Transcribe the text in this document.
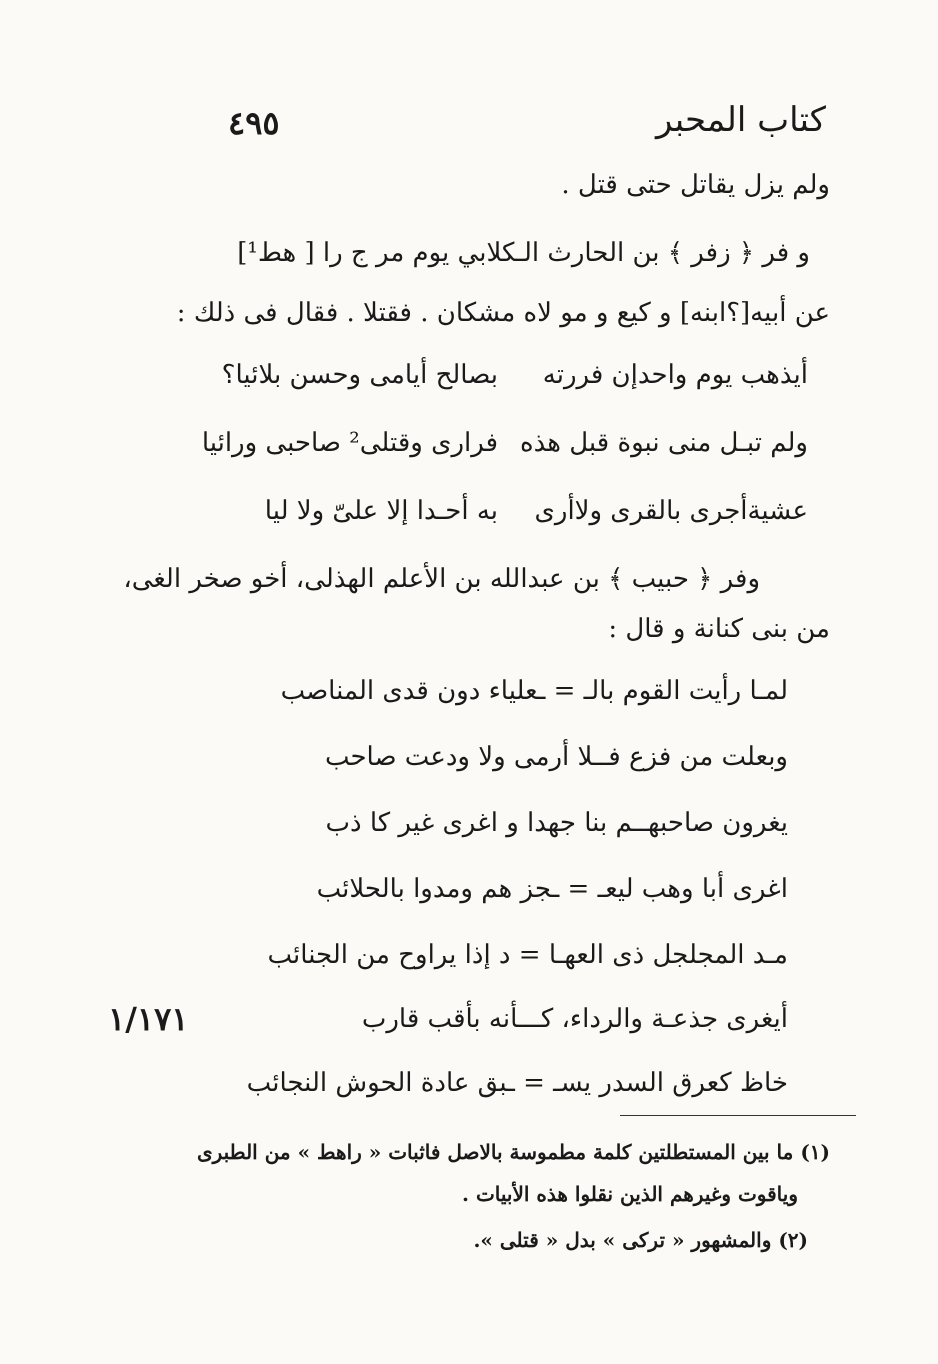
كتاب المحبر
٤٩٥
ولم يزل يقاتل حتى قتل .
و فر ﴿ زفر ﴾ بن الحارث الـكلابي يوم مر ج را [ هط¹]
عن أبيه[؟ابنه] و كيع و مو لاه مشكان . فقتلا . فقال فى ذلك :
أيذهب يوم واحدإن فررته
بصالح أيامى وحسن بلائيا؟
ولم تبـل منى نبوة قبل هذه
فرارى وقتلى² صاحبى ورائيا
عشيةأجرى بالقرى ولاأرى
به أحـدا إلا علىّ ولا ليا
وفر ﴿ حبيب ﴾ بن عبدالله بن الأعلم الهذلى، أخو صخر الغى،
من بنى كنانة و قال :
لمـا رأيت القوم بالـ = ـعلياء دون قدى المناصب
وبعلت من فزع فــلا أرمى ولا ودعت صاحب
يغرون صاحبهــم بنا جهدا و اغرى غير كا ذب
اغرى أبا وهب ليعـ = ـجز هم ومدوا بالحلائب
مـد المجلجل ذى العهـا = د إذا يراوح من الجنائب
أيغرى جذعـة والرداء، كـــأنه بأقب قارب
خاظ كعرق السدر يسـ = ـبق عادة الحوش النجائب
١/١٧١
(١) ما بين المستطلتين كلمة مطموسة بالاصل فاثبات « راهط » من الطبرى
وياقوت وغيرهم الذين نقلوا هذه الأبيات .
(٢) والمشهور « تركى » بدل « قتلى ».
